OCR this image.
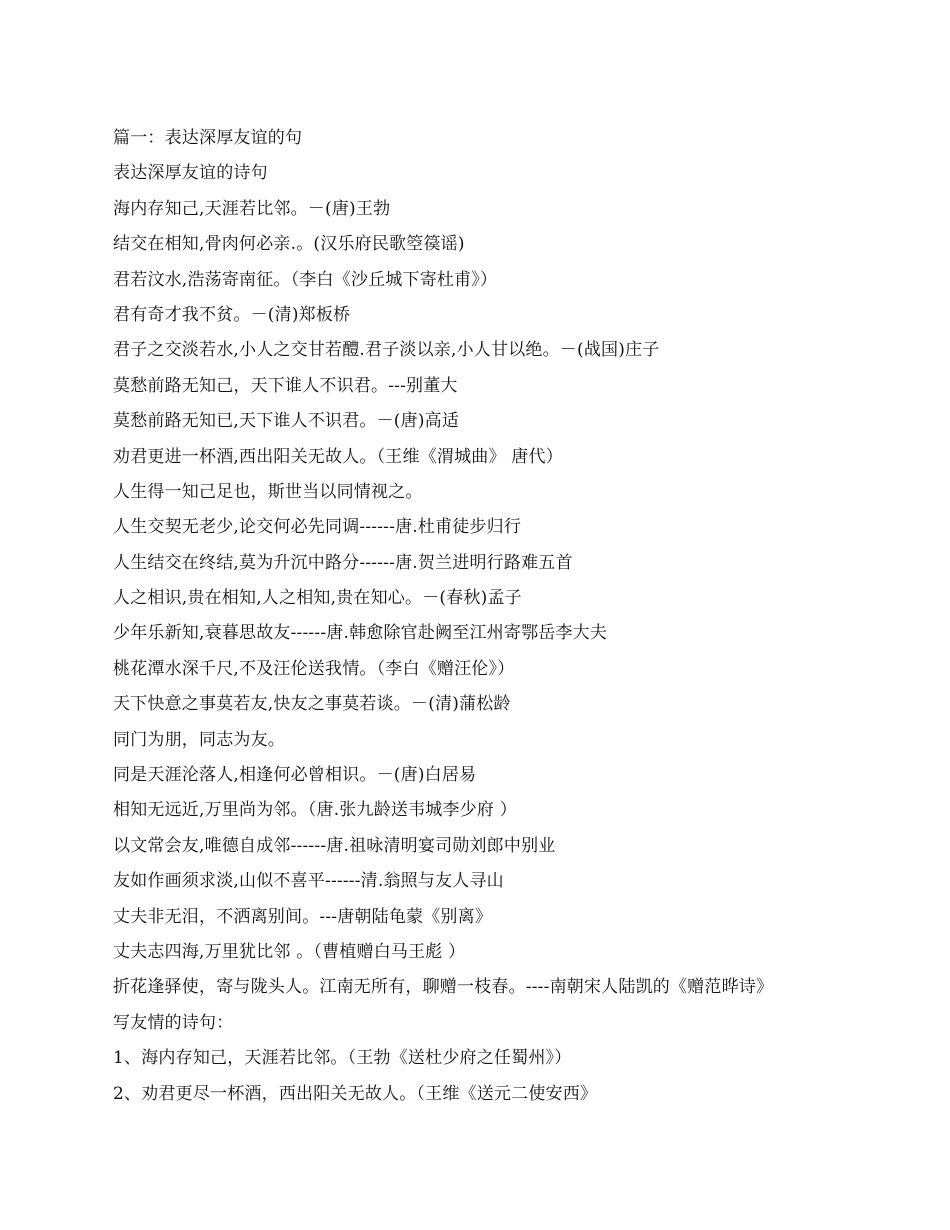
篇一：表达深厚友谊的句
表达深厚友谊的诗句
海内存知己,天涯若比邻。－(唐)王勃
结交在相知,骨肉何必亲.。(汉乐府民歌箜篌谣)
君若汶水,浩荡寄南征。（李白《沙丘城下寄杜甫》）
君有奇才我不贫。－(清)郑板桥
君子之交淡若水,小人之交甘若醴.君子淡以亲,小人甘以绝。－(战国)庄子
莫愁前路无知己，天下谁人不识君。---别董大
莫愁前路无知已,天下谁人不识君。－(唐)高适
劝君更进一杯酒,西出阳关无故人。（王维《渭城曲》 唐代）
人生得一知己足也，斯世当以同情视之。
人生交契无老少,论交何必先同调------唐.杜甫徒步归行
人生结交在终结,莫为升沉中路分------唐.贺兰进明行路难五首
人之相识,贵在相知,人之相知,贵在知心。－(春秋)孟子
少年乐新知,衰暮思故友------唐.韩愈除官赴阙至江州寄鄂岳李大夫
桃花潭水深千尺,不及汪伦送我情。（李白《赠汪伦》）
天下快意之事莫若友,快友之事莫若谈。－(清)蒲松龄
同门为朋，同志为友。
同是天涯沦落人,相逢何必曾相识。－(唐)白居易
相知无远近,万里尚为邻。（唐.张九龄送韦城李少府 ）
以文常会友,唯德自成邻------唐.祖咏清明宴司勋刘郎中别业
友如作画须求淡,山似不喜平------清.翁照与友人寻山
丈夫非无泪，不洒离别间。---唐朝陆龟蒙《别离》
丈夫志四海,万里犹比邻 。（曹植赠白马王彪 ）
折花逢驿使，寄与陇头人。江南无所有，聊赠一枝春。----南朝宋人陆凯的《赠范晔诗》
写友情的诗句：
1、海内存知己，天涯若比邻。（王勃《送杜少府之任蜀州》）
2、劝君更尽一杯酒，西出阳关无故人。（王维《送元二使安西》
